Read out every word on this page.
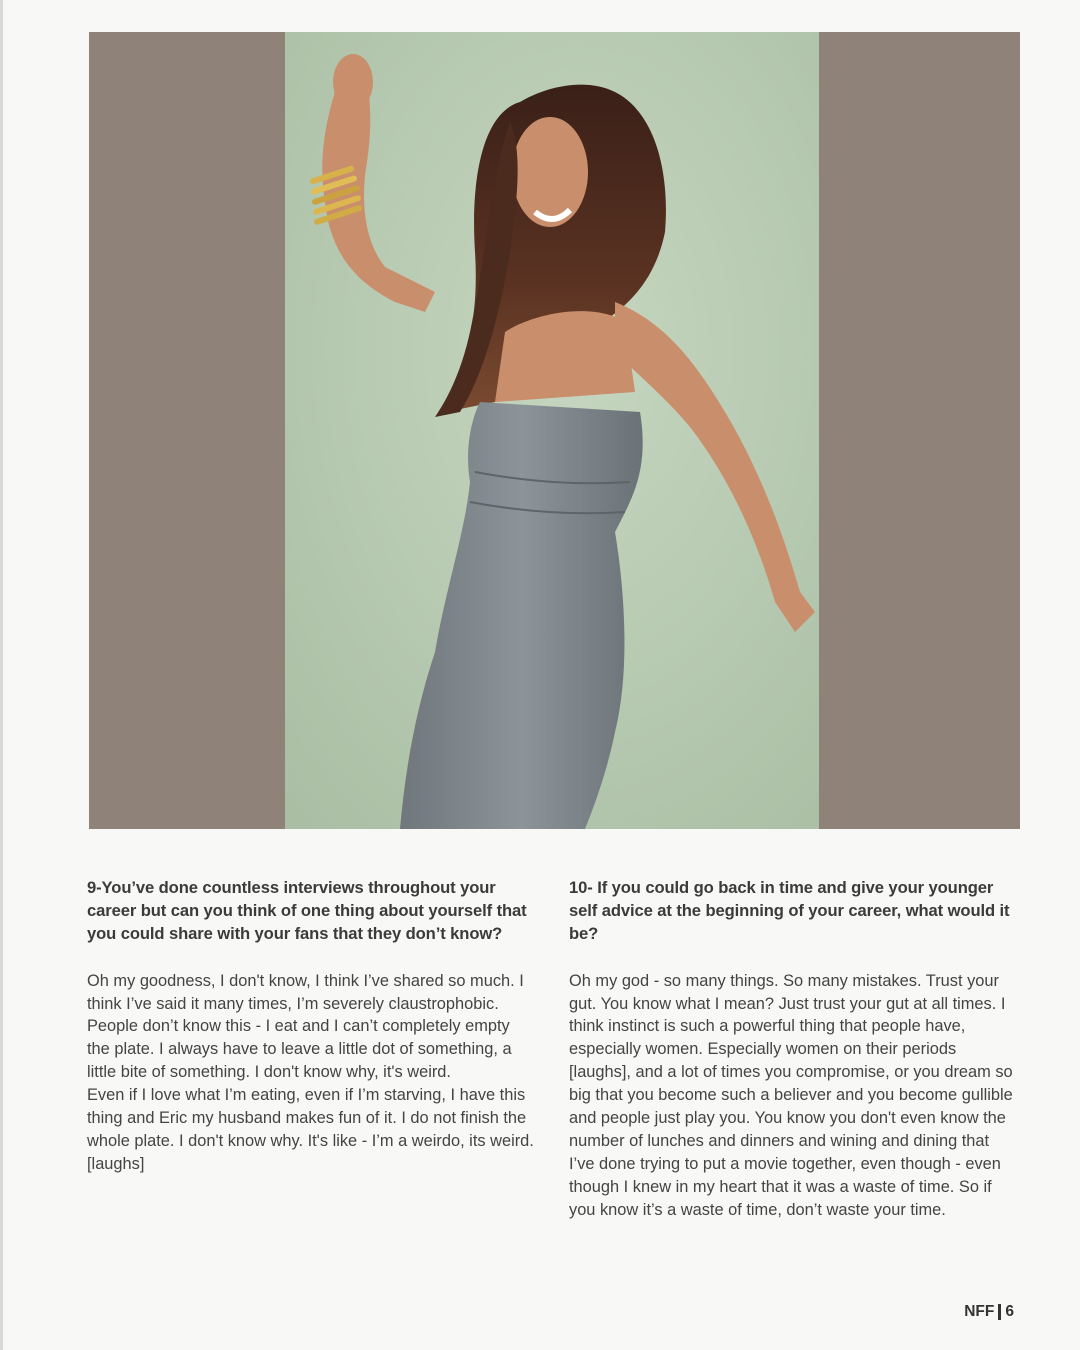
9-You’ve done countless interviews throughout your career but can you think of one thing about yourself that you could share with your fans that they don’t know?

Oh my goodness, I don't know, I think I’ve shared so much. I think I’ve said it many times, I’m severely claustrophobic. People don’t know this - I eat and I can’t completely empty the plate. I always have to leave a little dot of something, a little bite of something. I don't know why, it's weird.

Even if I love what I’m eating, even if I’m starving, I have this thing and Eric my husband makes fun of it. I do not finish the whole plate. I don't know why. It's like - I’m a weirdo, its weird. [laughs]

10- If you could go back in time and give your younger self advice at the beginning of your career, what would it be?

Oh my god - so many things. So many mistakes. Trust your gut. You know what I mean? Just trust your gut at all times. I think instinct is such a powerful thing that people have, especially women. Especially women on their periods [laughs], and a lot of times you compromise, or you dream so big that you become such a believer and you become gullible and people just play you. You know you don't even know the number of lunches and dinners and wining and dining that I’ve done trying to put a movie together, even though - even though I knew in my heart that it was a waste of time. So if you know it’s a waste of time, don’t waste your time.

NFF 6
